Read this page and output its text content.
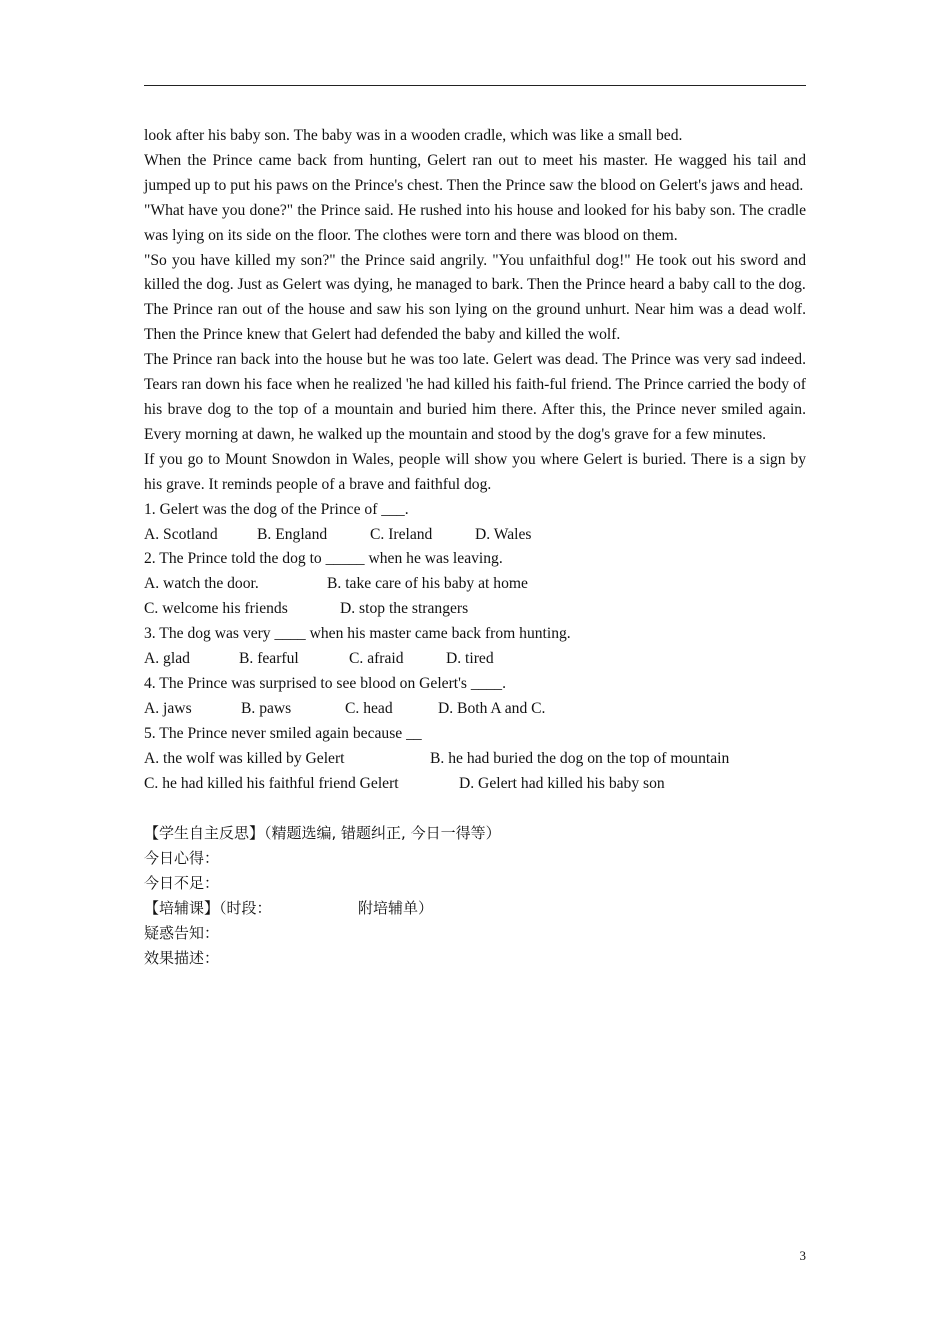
look after his baby son. The baby was in a wooden cradle, which was like a small bed.

When the Prince came back from hunting, Gelert ran out to meet his master. He wagged his tail and jumped up to put his paws on the Prince's chest. Then the Prince saw the blood on Gelert's jaws and head.

"What have you done?" the Prince said. He rushed into his house and looked for his baby son. The cradle was lying on its side on the floor. The clothes were torn and there was blood on them.

"So you have killed my son?" the Prince said angrily. "You unfaithful dog!" He took out his sword and killed the dog. Just as Gelert was dying, he managed to bark. Then the Prince heard a baby call to the dog.

The Prince ran out of the house and saw his son lying on the ground unhurt. Near him was a dead wolf. Then the Prince knew that Gelert had defended the baby and killed the wolf.

The Prince ran back into the house but he was too late. Gelert was dead. The Prince was very sad indeed. Tears ran down his face when he realized 'he had killed his faith-ful friend. The Prince carried the body of his brave dog to the top of a mountain and buried him there. After this, the Prince never smiled again. Every morning at dawn, he walked up the mountain and stood by the dog's grave for a few minutes.

If you go to Mount Snowdon in Wales, people will show you where Gelert is buried. There is a sign by his grave. It reminds people of a brave and faithful dog.

1. Gelert was the dog of the Prince of ___.

A. Scotland	B. England	C. Ireland	D. Wales

2. The Prince told the dog to _____ when he was leaving.

A. watch the door.	B. take care of his baby at home
C. welcome his friends	D. stop the strangers

3. The dog was very ____ when his master came back from hunting.

A. glad	B. fearful	C. afraid	D. tired

4. The Prince was surprised to see blood on Gelert's ____.

A. jaws	B. paws	C. head	D. Both A and C.

5. The Prince never smiled again because __

A. the wolf was killed by Gelert	B. he had buried the dog on the top of mountain
C. he had killed his faithful friend Gelert	D. Gelert had killed his baby son

【学生自主反思】（精题选编, 错题纠正, 今日一得等）

今日心得：

今日不足：

【培辅课】（时段：	附培辅单）

疑惑告知：

效果描述：

3
